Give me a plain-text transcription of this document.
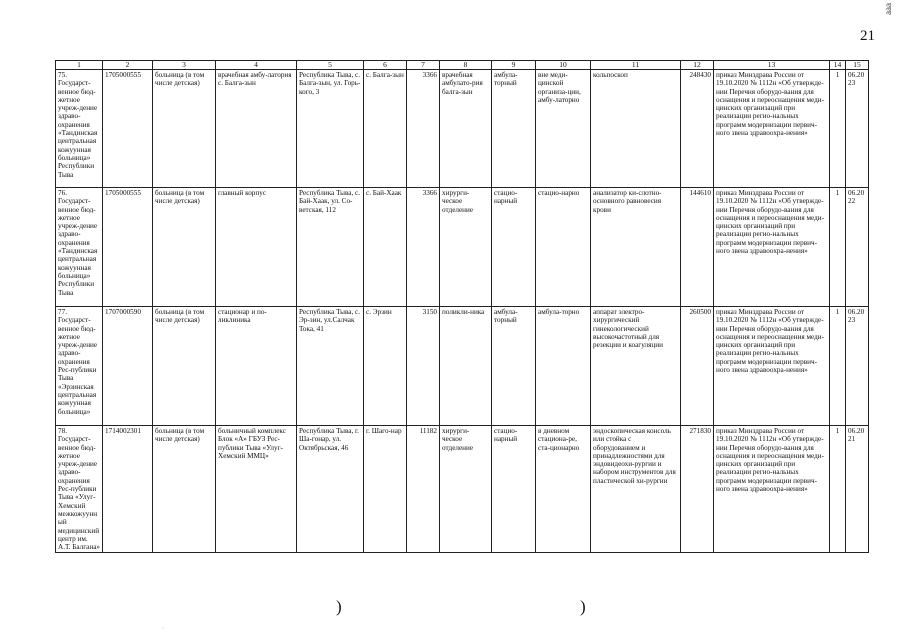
ааа
21
1	2	3	4	5	6	7	8	9	10	11	12	13	14	15
75. Государст-венное бюд-жетное учреж-дение здраво-охранения «Тандинская центральная кожуунная больница» Республики Тыва	1705000555	больница (в том числе детская)	врачебная амбу-латория с. Балга-зын	Республика Тыва, с. Балга-зын, ул. Горь-кого, 3	с. Балга-зын	3366	врачебная амбулато-рия балга-зын	амбула-торный	вне меди-цинской организа-ции, амбу-латорно	кольпоскоп	248430	приказ Минздрава России от 19.10.2020 № 1112н «Об утвержде-нии Перечня оборудо-вания для оснащения и переоснащения меди-цинских организаций при реализации регио-нальных программ модернизации первич-ного звена здравоохра-нения»	1	06.2023
76. Государст-венное бюд-жетное учреж-дение здраво-охранения «Тандинская центральная кожуунная больница» Республики Тыва	1705000555	больница (в том числе детская)	главный корпус	Республика Тыва, с. Бай-Хаак, ул. Со-ветская, 112	с. Бай-Хаак	3366	хирурги-ческое отделение	стацио-нарный	стациo-нарно	анализатор ки-слотно-основного равновесия крови	144610	приказ Минздрава России от 19.10.2020 № 1112н «Об утвержде-нии Перечня оборудо-вания для оснащения и переоснащения меди-цинских организаций при реализации регио-нальных программ модернизации первич-ного звена здравоохра-нения»	1	06.2022
77. Государст-венное бюд-жетное учреж-дение здраво-охранения Рес-публики Тыва «Эрзинская центральная кожуунная больница»	1707000590	больница (в том числе детская)	стационар и по-ликлиника	Республика Тыва, с. Эр-зин, ул.Салчак Тока, 41	с. Эрзин	3150	поликли-ника	амбула-торный	амбула-торно	аппарат электро-хирургический гинекологический высокочастотный для резекции и коагуляции	260500	приказ Минздрава России от 19.10.2020 № 1112н «Об утвержде-нии Перечня оборудо-вания для оснащения и переоснащения меди-цинских организаций при реализации регио-нальных программ модернизации первич-ного звена здравоохра-нения»	1	06.2023
78. Государст-венное бюд-жетное учреж-дение здраво-охранения Рес-публики Тыва «Улуг-Хемский межкожуунный медицинский центр им. А.Т. Балгана»	1714002301	больница (в том числе детская)	больничный комплекс Блок «А» ГБУЗ Рес-публики Тыва «Улуг-Хемский ММЦ»	Республика Тыва, г. Ша-гонар, ул. Октябрьская, 46	г. Шаго-нар	11182	хирурги-ческое отделение	стацио-нарный	в дневном стациона-ре, ста-ционарно	эндоскопическая консоль или стойка с оборудованием и принадлежностями для эндовидеохи-рургии и набором инструментов для пластической хи-рургии	271830	приказ Минздрава России от 19.10.2020 № 1112н «Об утвержде-нии Перечня оборудо-вания для оснащения и переоснащения меди-цинских организаций при реализации регио-нальных программ модернизации первич-ного звена здравоохра-нения»	1	06.2021
)	)
·
